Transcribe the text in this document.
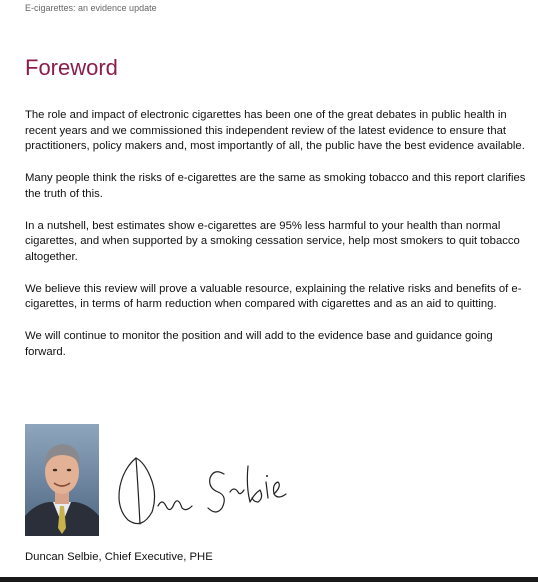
E-cigarettes: an evidence update
Foreword

The role and impact of electronic cigarettes has been one of the great debates in public health in recent years and we commissioned this independent review of the latest evidence to ensure that practitioners, policy makers and, most importantly of all, the public have the best evidence available.

Many people think the risks of e-cigarettes are the same as smoking tobacco and this report clarifies the truth of this.

In a nutshell, best estimates show e-cigarettes are 95% less harmful to your health than normal cigarettes, and when supported by a smoking cessation service, help most smokers to quit tobacco altogether.

We believe this review will prove a valuable resource, explaining the relative risks and benefits of e-cigarettes, in terms of harm reduction when compared with cigarettes and as an aid to quitting.

We will continue to monitor the position and will add to the evidence base and guidance going forward.

Duncan Selbie, Chief Executive, PHE
